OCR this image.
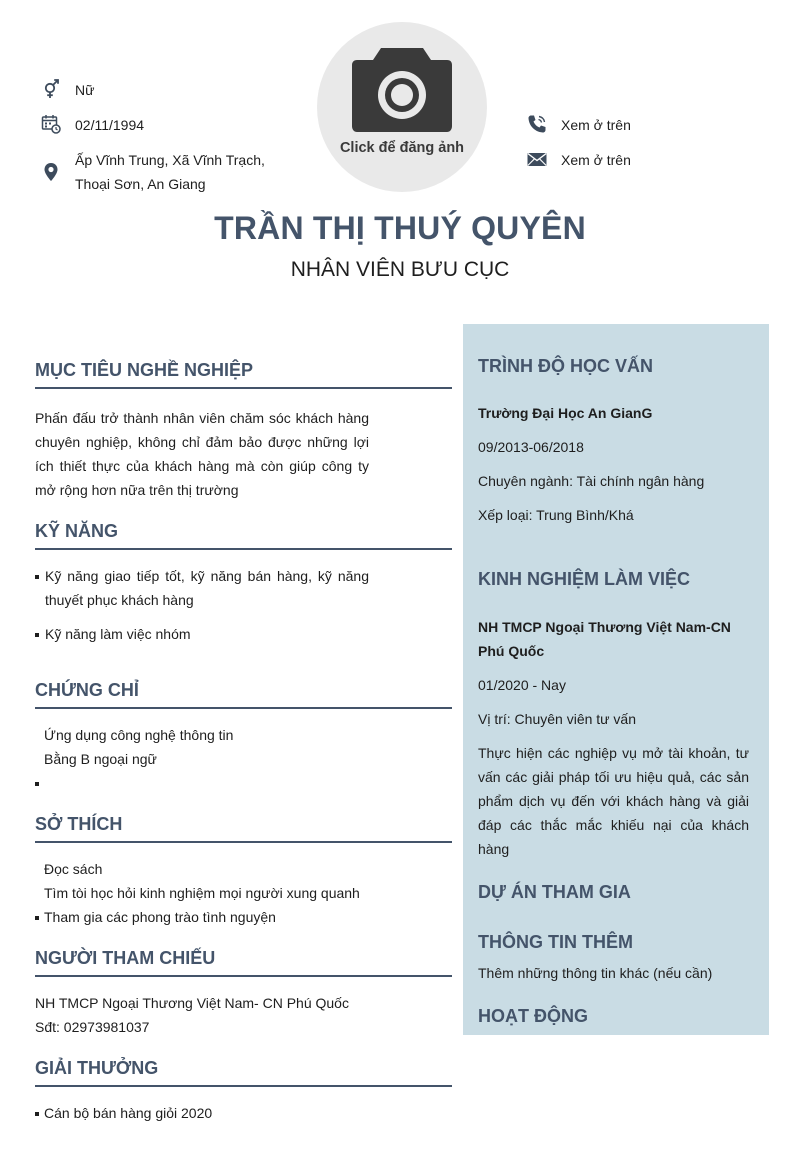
Nữ
02/11/1994
Ấp Vĩnh Trung, Xã Vĩnh Trạch,
Thoại Sơn, An Giang
Xem ở trên
Xem ở trên
Click để đăng ảnh
TRẦN THỊ THUÝ QUYÊN
NHÂN VIÊN BƯU CỤC
MỤC TIÊU NGHỀ NGHIỆP
Phấn đấu trở thành nhân viên chăm sóc khách hàng chuyên nghiệp, không chỉ đảm bảo được những lợi ích thiết thực của khách hàng mà còn giúp công ty mở rộng hơn nữa trên thị trường
KỸ NĂNG
Kỹ năng giao tiếp tốt, kỹ năng bán hàng, kỹ năng thuyết phục khách hàng
Kỹ năng làm việc nhóm
CHỨNG CHỈ
Ứng dụng công nghệ thông tin
Bằng B ngoại ngữ
SỞ THÍCH
Đọc sách
Tìm tòi học hỏi kinh nghiệm mọi người xung quanh
Tham gia các phong trào tình nguyện
NGƯỜI THAM CHIẾU
NH TMCP Ngoại Thương Việt Nam- CN Phú Quốc
Sđt: 02973981037
GIẢI THƯỞNG
Cán bộ bán hàng giỏi 2020
TRÌNH ĐỘ HỌC VẤN
Trường Đại Học An GianG
09/2013-06/2018
Chuyên ngành: Tài chính ngân hàng
Xếp loại: Trung Bình/Khá
KINH NGHIỆM LÀM VIỆC
NH TMCP Ngoại Thương Việt Nam-CN Phú Quốc
01/2020 - Nay
Vị trí: Chuyên viên tư vấn
Thực hiện các nghiệp vụ mở tài khoản, tư vấn các giải pháp tối ưu hiệu quả, các sản phẩm dịch vụ đến với khách hàng và giải đáp các thắc mắc khiếu nại của khách hàng
DỰ ÁN THAM GIA
THÔNG TIN THÊM
Thêm những thông tin khác (nếu cần)
HOẠT ĐỘNG
